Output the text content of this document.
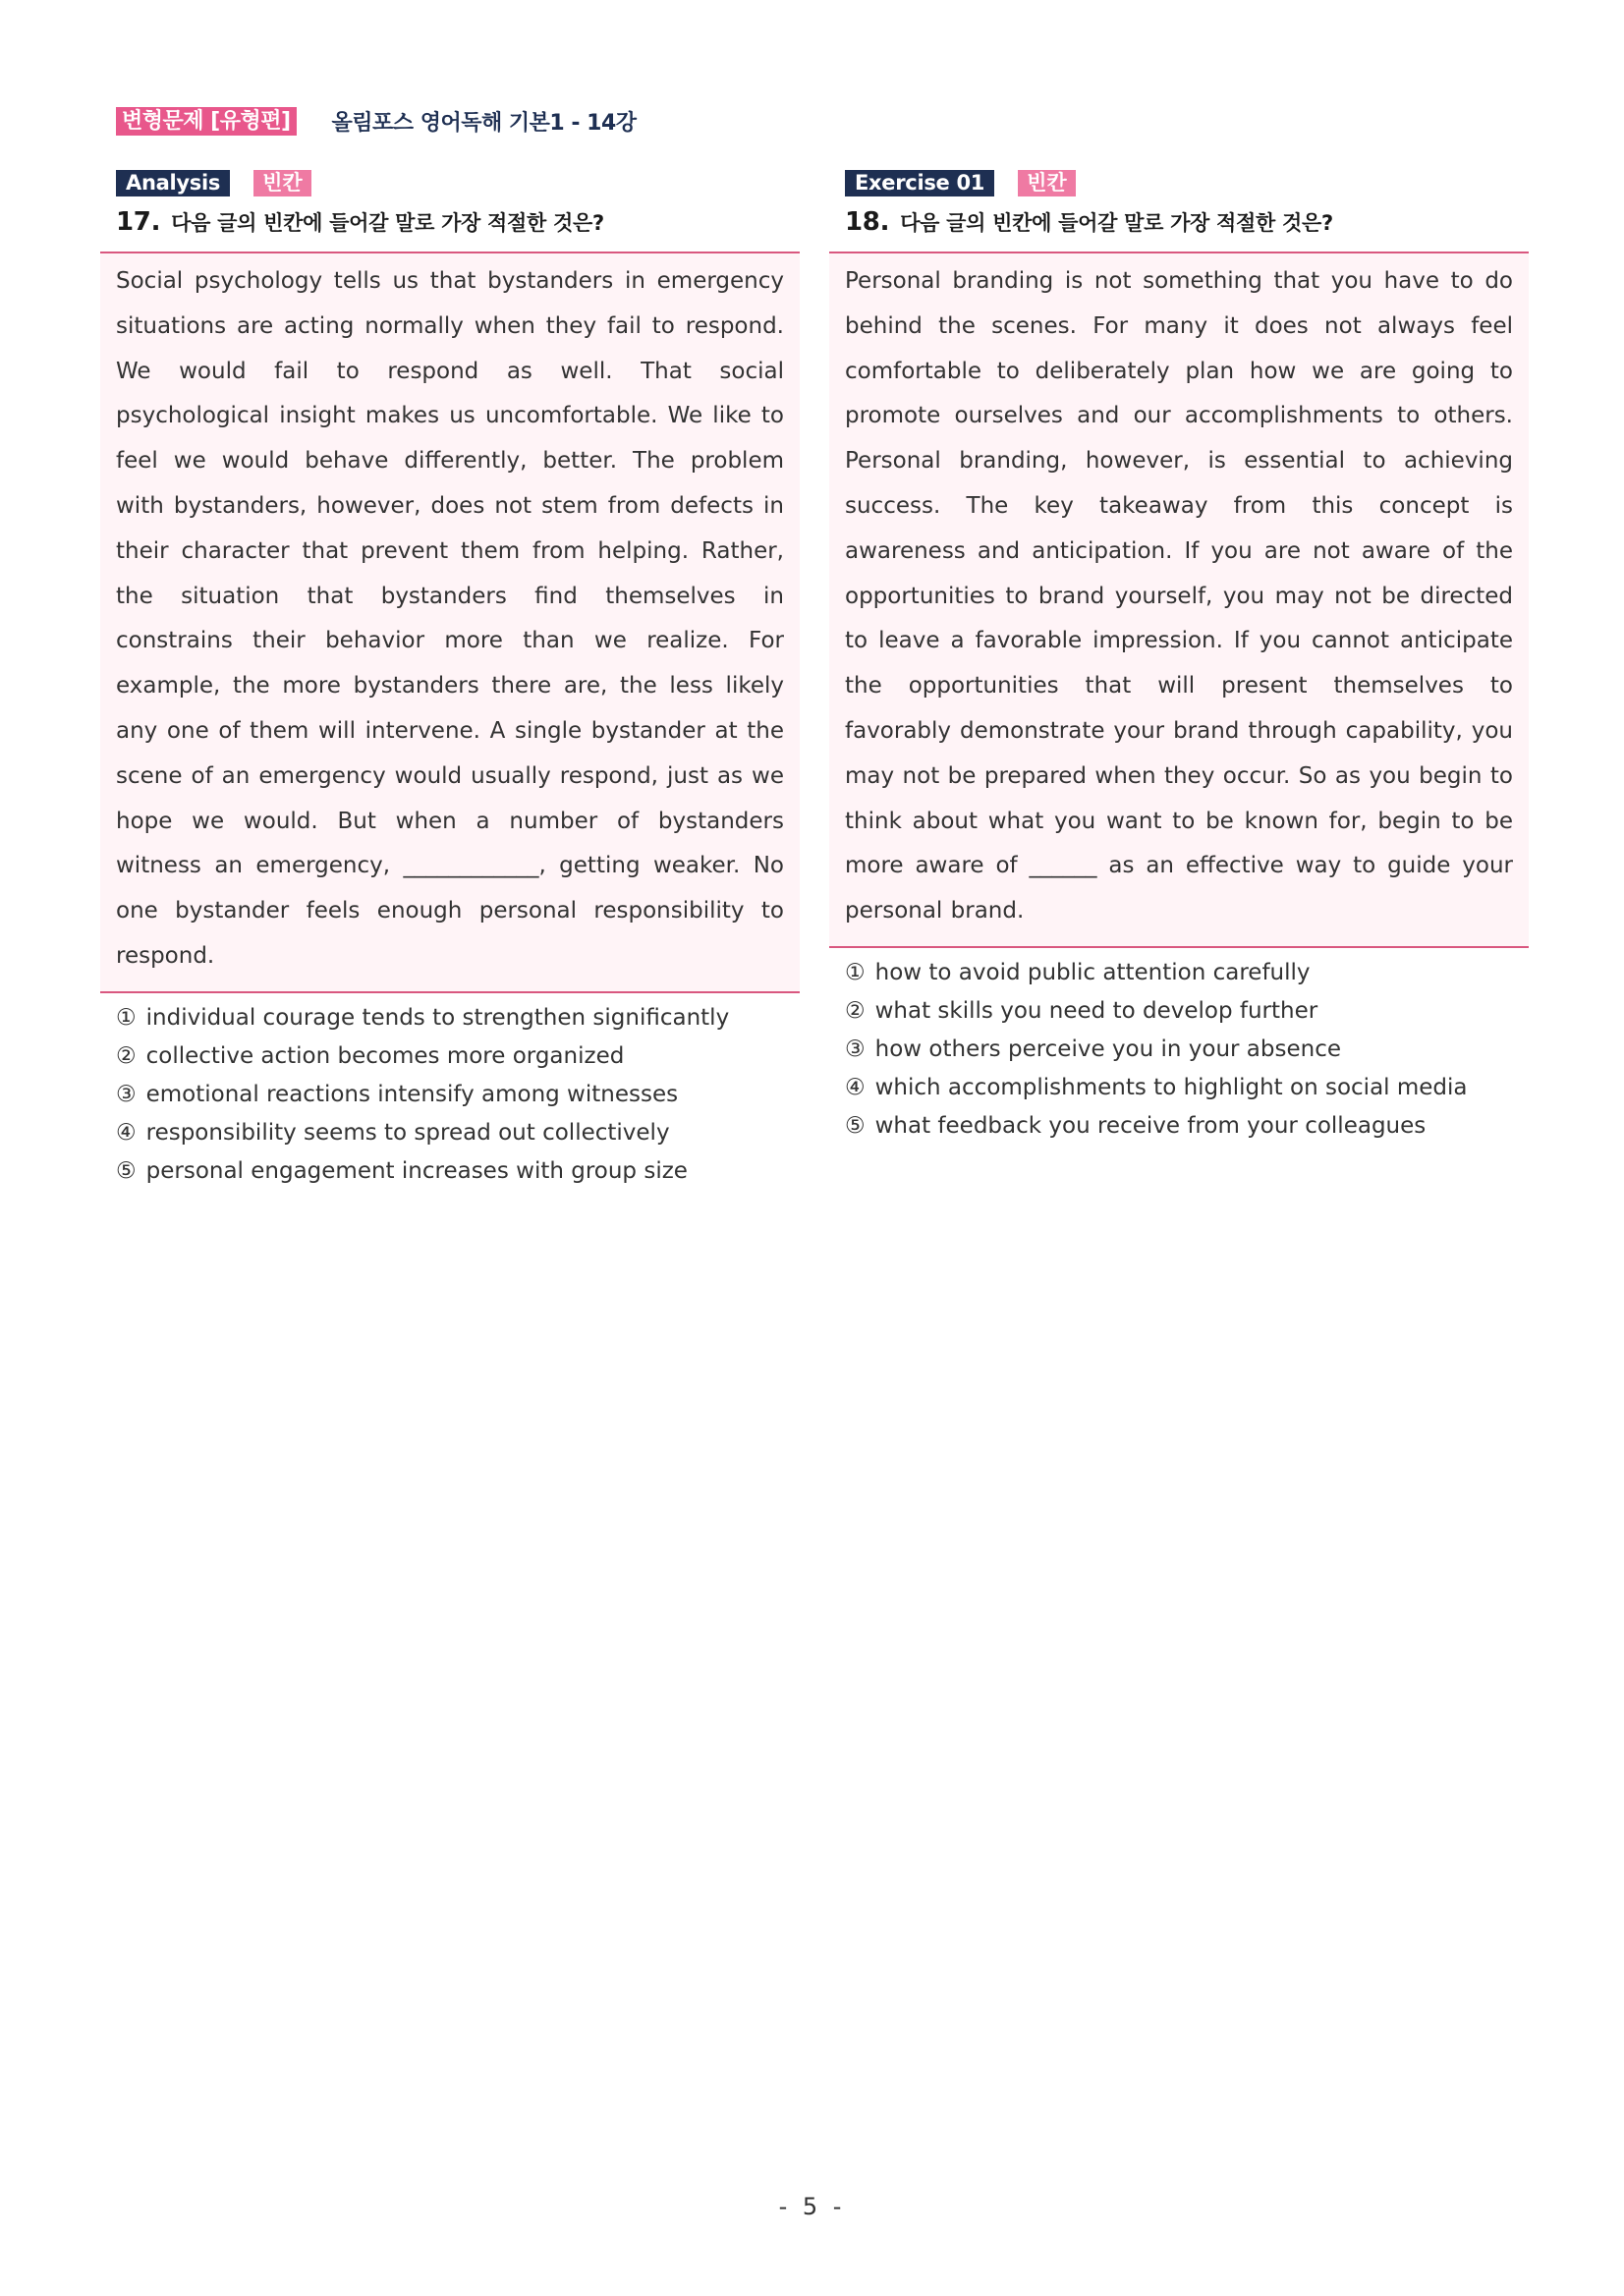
변형문제 [유형편] 올림포스 영어독해 기본1 - 14강
Analysis	빈칸
17. 다음 글의 빈칸에 들어갈 말로 가장 적절한 것은?

Social psychology tells us that bystanders in emergency situations are acting normally when they fail to respond. We would fail to respond as well. That social psychological insight makes us uncomfortable. We like to feel we would behave differently, better. The problem with bystanders, however, does not stem from defects in their character that prevent them from helping. Rather, the situation that bystanders find themselves in constrains their behavior more than we realize. For example, the more bystanders there are, the less likely any one of them will intervene. A single bystander at the scene of an emergency would usually respond, just as we hope we would. But when a number of bystanders witness an emergency, ____________, getting weaker. No one bystander feels enough personal responsibility to respond.

① individual courage tends to strengthen significantly
② collective action becomes more organized
③ emotional reactions intensify among witnesses
④ responsibility seems to spread out collectively
⑤ personal engagement increases with group size
Exercise 01	빈칸
18. 다음 글의 빈칸에 들어갈 말로 가장 적절한 것은?

Personal branding is not something that you have to do behind the scenes. For many it does not always feel comfortable to deliberately plan how we are going to promote ourselves and our accomplishments to others. Personal branding, however, is essential to achieving success. The key takeaway from this concept is awareness and anticipation. If you are not aware of the opportunities to brand yourself, you may not be directed to leave a favorable impression. If you cannot anticipate the opportunities that will present themselves to favorably demonstrate your brand through capability, you may not be prepared when they occur. So as you begin to think about what you want to be known for, begin to be more aware of ______ as an effective way to guide your personal brand.

① how to avoid public attention carefully
② what skills you need to develop further
③ how others perceive you in your absence
④ which accomplishments to highlight on social media
⑤ what feedback you receive from your colleagues
- 5 -
